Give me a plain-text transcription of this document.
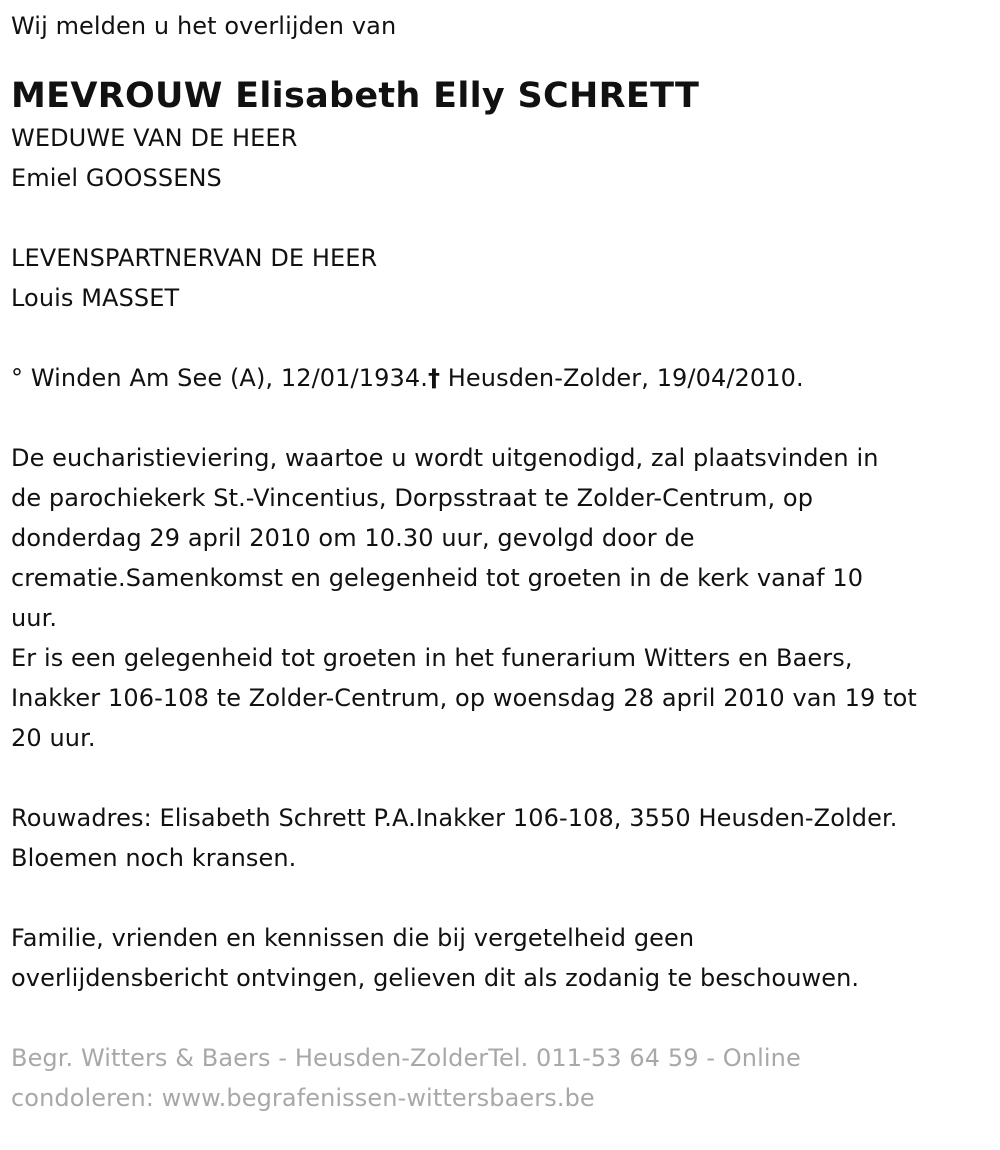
Wij melden u het overlijden van

MEVROUW Elisabeth Elly SCHRETT

WEDUWE VAN DE HEER

Emiel GOOSSENS

LEVENSPARTNERVAN DE HEER

Louis MASSET

° Winden Am See (A), 12/01/1934.† Heusden-Zolder, 19/04/2010.

De eucharistieviering, waartoe u wordt uitgenodigd, zal plaatsvinden in

de parochiekerk St.-Vincentius, Dorpsstraat te Zolder-Centrum, op

donderdag 29 april 2010 om 10.30 uur, gevolgd door de

crematie.Samenkomst en gelegenheid tot groeten in de kerk vanaf 10

uur.

Er is een gelegenheid tot groeten in het funerarium Witters en Baers,

Inakker 106-108 te Zolder-Centrum, op woensdag 28 april 2010 van 19 tot

20 uur.

Rouwadres: Elisabeth Schrett P.A.Inakker 106-108, 3550 Heusden-Zolder.

Bloemen noch kransen.

Familie, vrienden en kennissen die bij vergetelheid geen

overlijdensbericht ontvingen, gelieven dit als zodanig te beschouwen.

Begr. Witters & Baers - Heusden-ZolderTel. 011-53 64 59 - Online

condoleren: www.begrafenissen-wittersbaers.be
